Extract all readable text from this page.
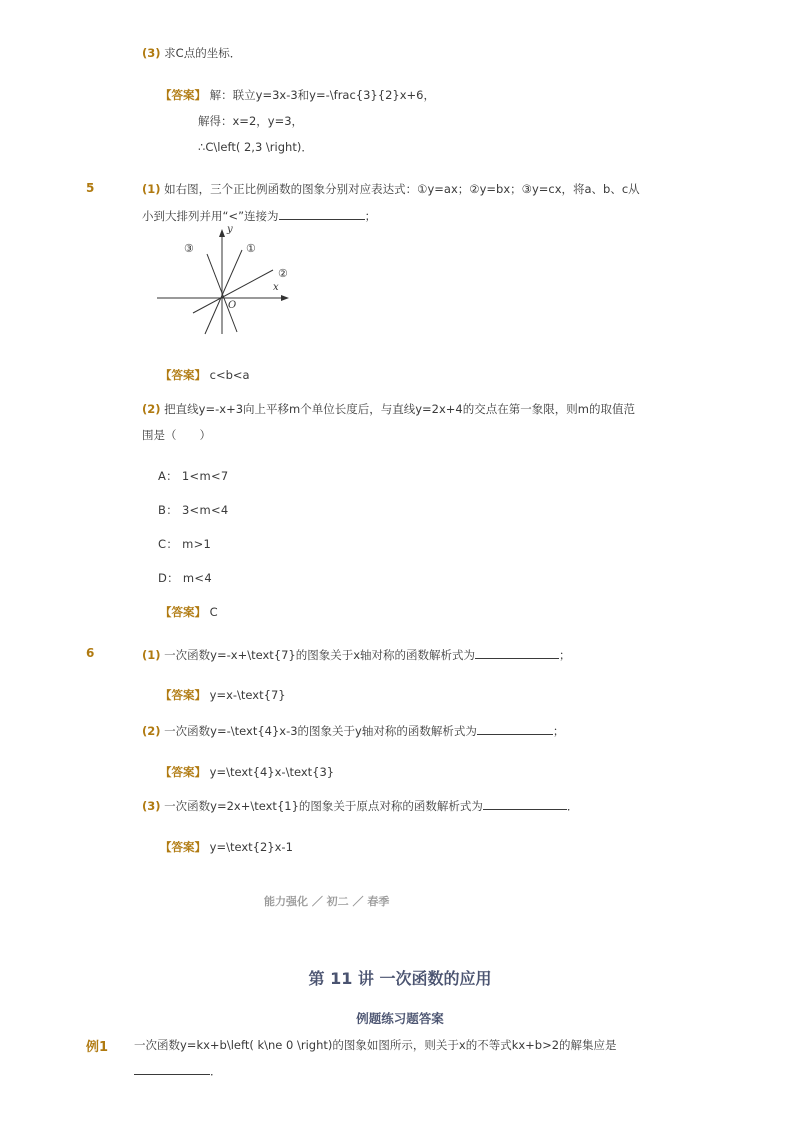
(3) 求C点的坐标．
【答案】 解：联立y=3x-3和y=-\frac{3}{2}x+6，
解得：x=2，y=3，
∴C\left( 2,3 \right)．
5	(1) 如右图，三个正比例函数的图象分别对应表达式：①y=ax；②y=bx；③y=cx，将a、b、c从
小到大排列并用“<”连接为	；
y
x
O
①
②
③
【答案】 c<b<a
(2) 把直线y=-x+3向上平移m个单位长度后，与直线y=2x+4的交点在第一象限，则m的取值范
围是（　　）
A： 1<m<7
B： 3<m<4
C： m>1
D： m<4
【答案】 C
6	(1) 一次函数y=-x+\text{7}的图象关于x轴对称的函数解析式为	；
【答案】 y=x-\text{7}
(2) 一次函数y=-\text{4}x-3的图象关于y轴对称的函数解析式为	；
【答案】 y=\text{4}x-\text{3}
(3) 一次函数y=2x+\text{1}的图象关于原点对称的函数解析式为	．
【答案】 y=\text{2}x-1
能力强化 ／ 初二 ／ 春季
第 11 讲 一次函数的应用
例题练习题答案
例1 一次函数y=kx+b\left( k\ne 0 \right)的图象如图所示，则关于x的不等式kx+b>2的解集应是
．
